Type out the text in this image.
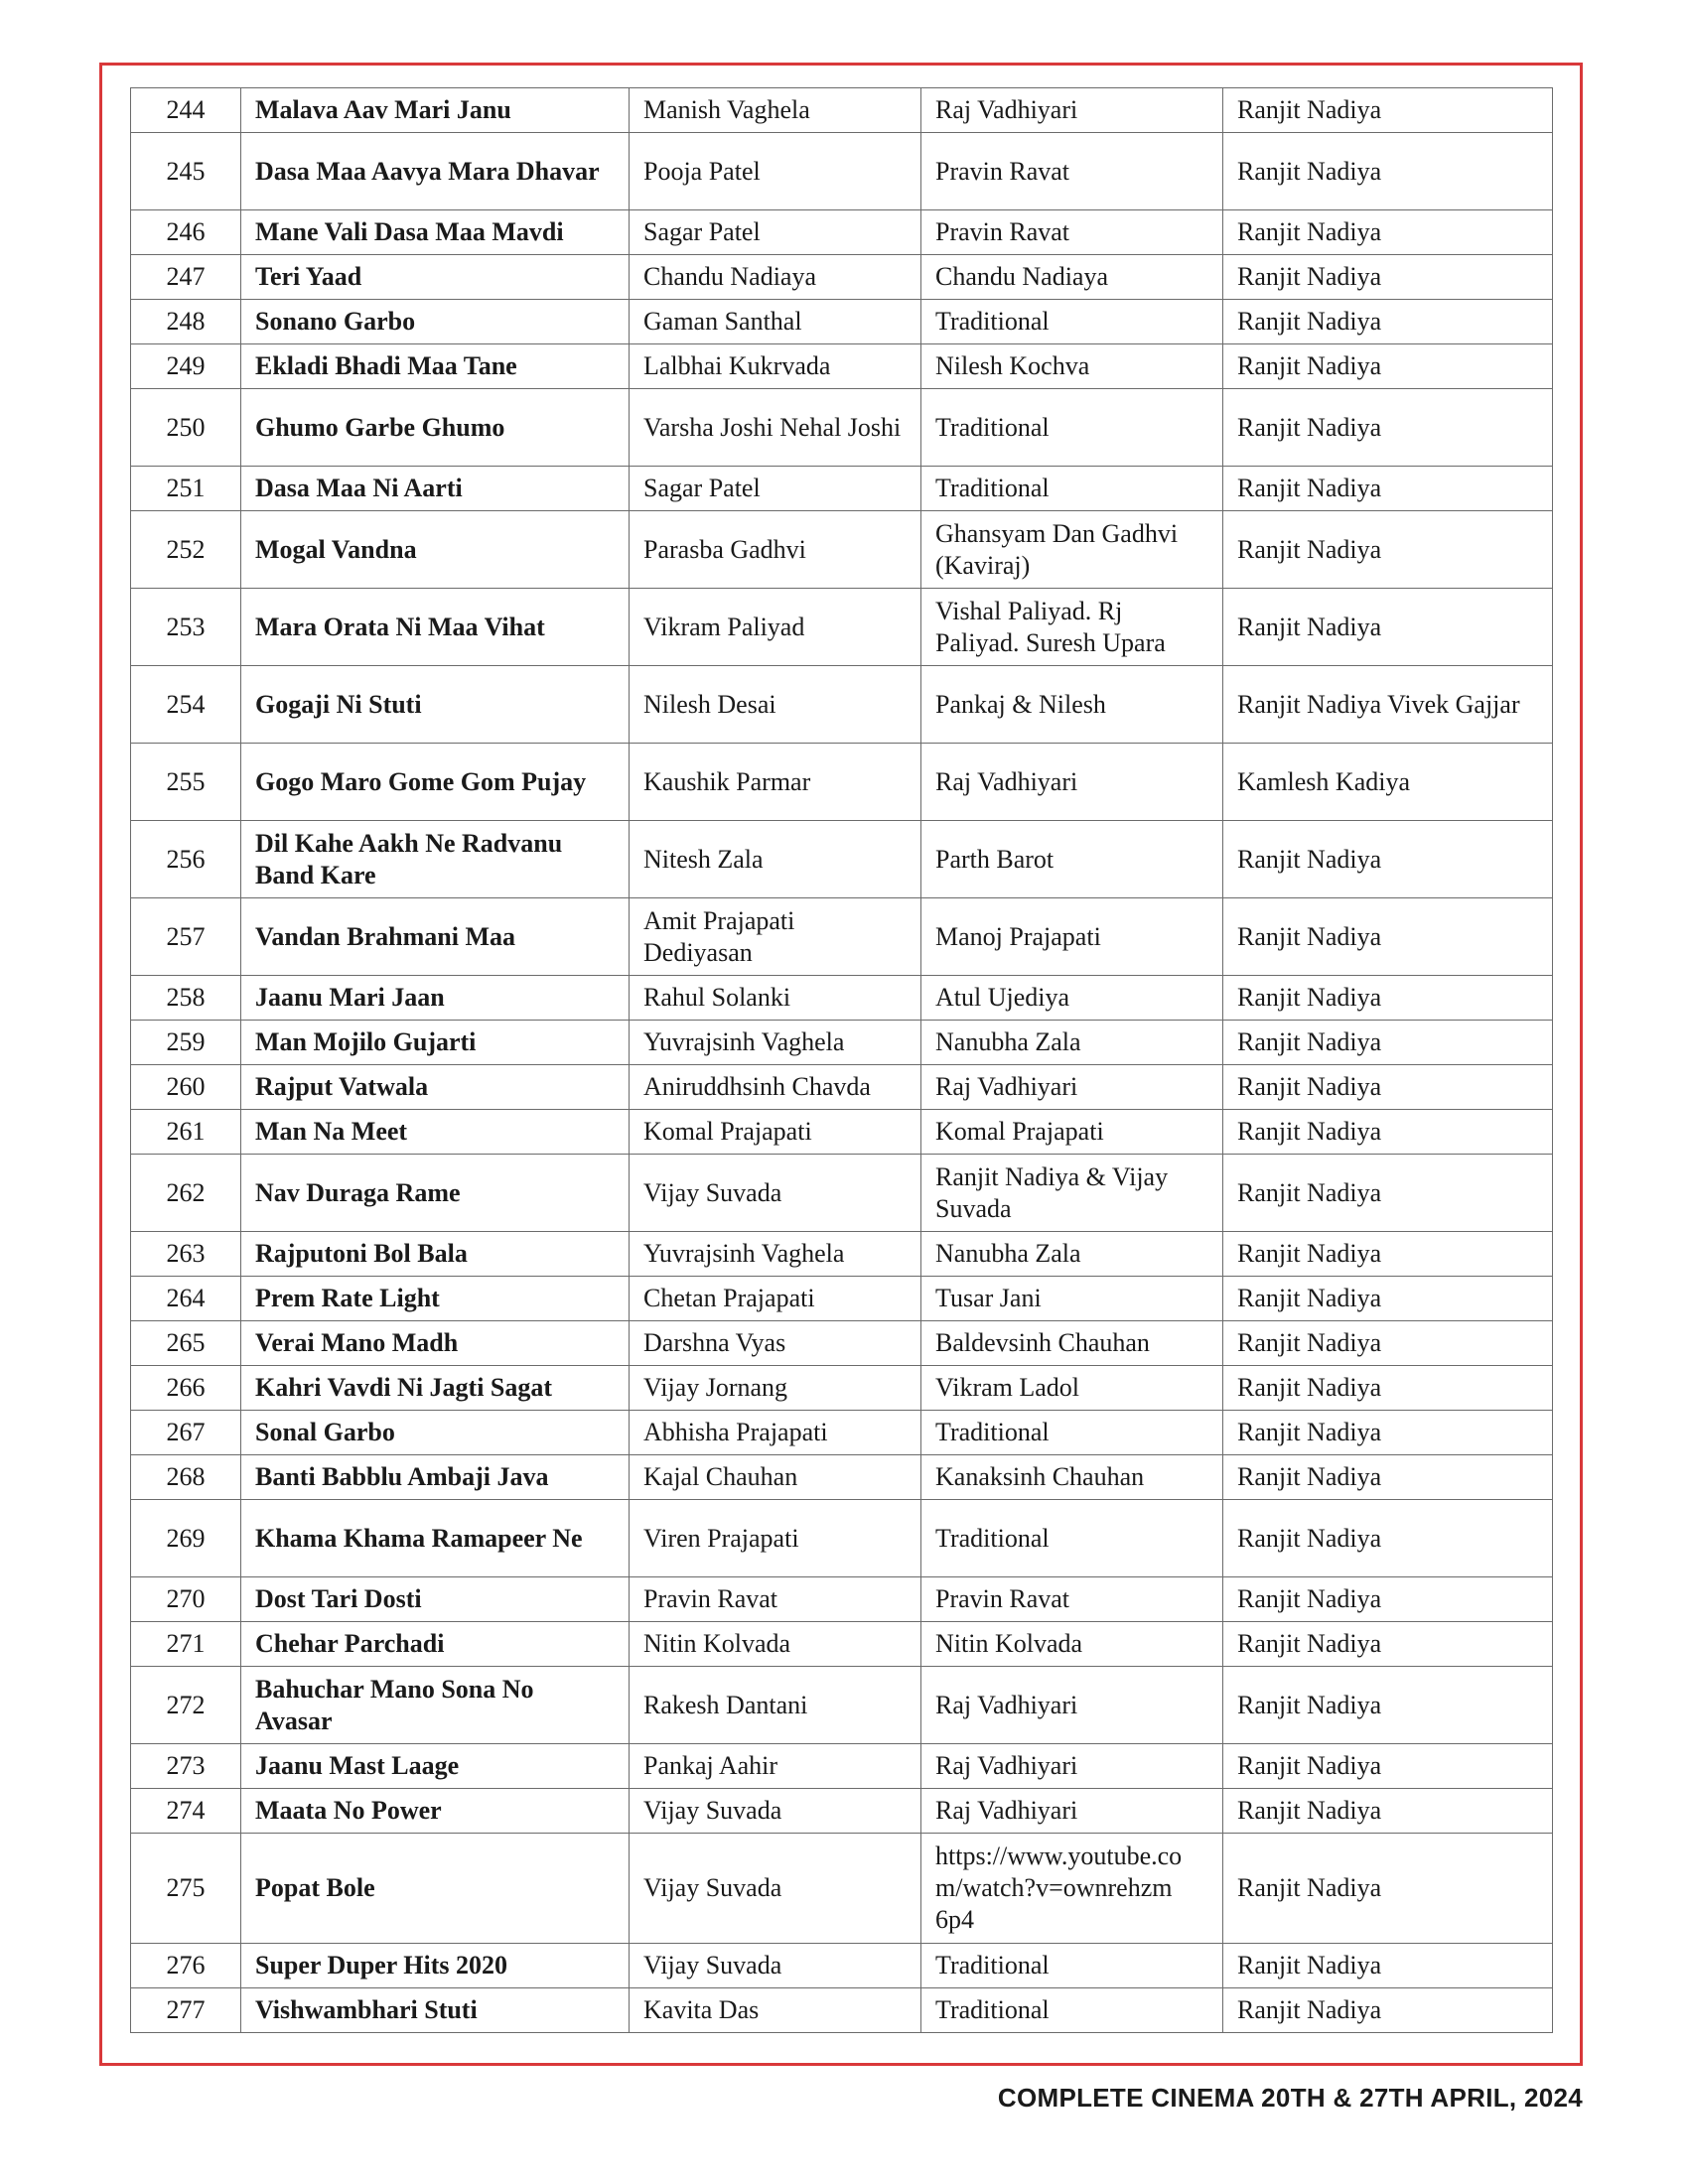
244	Malava Aav Mari Janu	Manish Vaghela	Raj Vadhiyari	Ranjit Nadiya
245	Dasa Maa Aavya Mara Dhavar	Pooja Patel	Pravin Ravat	Ranjit Nadiya
246	Mane Vali Dasa Maa Mavdi	Sagar Patel	Pravin Ravat	Ranjit Nadiya
247	Teri Yaad	Chandu Nadiaya	Chandu Nadiaya	Ranjit Nadiya
248	Sonano Garbo	Gaman Santhal	Traditional	Ranjit Nadiya
249	Ekladi Bhadi Maa Tane	Lalbhai Kukrvada	Nilesh Kochva	Ranjit Nadiya
250	Ghumo Garbe Ghumo	Varsha Joshi Nehal Joshi	Traditional	Ranjit Nadiya
251	Dasa Maa Ni Aarti	Sagar Patel	Traditional	Ranjit Nadiya
252	Mogal Vandna	Parasba Gadhvi	Ghansyam Dan Gadhvi (Kaviraj)	Ranjit Nadiya
253	Mara Orata Ni Maa Vihat	Vikram Paliyad	Vishal Paliyad. Rj Paliyad. Suresh Upara	Ranjit Nadiya
254	Gogaji Ni Stuti	Nilesh Desai	Pankaj & Nilesh	Ranjit Nadiya Vivek Gajjar
255	Gogo Maro Gome Gom Pujay	Kaushik Parmar	Raj Vadhiyari	Kamlesh Kadiya
256	Dil Kahe Aakh Ne Radvanu Band Kare	Nitesh Zala	Parth Barot	Ranjit Nadiya
257	Vandan Brahmani Maa	Amit Prajapati Dediyasan	Manoj Prajapati	Ranjit Nadiya
258	Jaanu Mari Jaan	Rahul Solanki	Atul Ujediya	Ranjit Nadiya
259	Man Mojilo Gujarti	Yuvrajsinh Vaghela	Nanubha Zala	Ranjit Nadiya
260	Rajput Vatwala	Aniruddhsinh Chavda	Raj Vadhiyari	Ranjit Nadiya
261	Man Na Meet	Komal Prajapati	Komal Prajapati	Ranjit Nadiya
262	Nav Duraga Rame	Vijay Suvada	Ranjit Nadiya & Vijay Suvada	Ranjit Nadiya
263	Rajputoni Bol Bala	Yuvrajsinh Vaghela	Nanubha Zala	Ranjit Nadiya
264	Prem Rate Light	Chetan Prajapati	Tusar Jani	Ranjit Nadiya
265	Verai Mano Madh	Darshna Vyas	Baldevsinh Chauhan	Ranjit Nadiya
266	Kahri Vavdi Ni Jagti Sagat	Vijay Jornang	Vikram Ladol	Ranjit Nadiya
267	Sonal Garbo	Abhisha Prajapati	Traditional	Ranjit Nadiya
268	Banti Babblu Ambaji Java	Kajal Chauhan	Kanaksinh Chauhan	Ranjit Nadiya
269	Khama Khama Ramapeer Ne	Viren Prajapati	Traditional	Ranjit Nadiya
270	Dost Tari Dosti	Pravin Ravat	Pravin Ravat	Ranjit Nadiya
271	Chehar Parchadi	Nitin Kolvada	Nitin Kolvada	Ranjit Nadiya
272	Bahuchar Mano Sona No Avasar	Rakesh Dantani	Raj Vadhiyari	Ranjit Nadiya
273	Jaanu Mast Laage	Pankaj Aahir	Raj Vadhiyari	Ranjit Nadiya
274	Maata No Power	Vijay Suvada	Raj Vadhiyari	Ranjit Nadiya
275	Popat Bole	Vijay Suvada	https://www.youtube.co m/watch?v=ownrehzm 6p4	Ranjit Nadiya
276	Super Duper Hits 2020	Vijay Suvada	Traditional	Ranjit Nadiya
277	Vishwambhari Stuti	Kavita Das	Traditional	Ranjit Nadiya
COMPLETE CINEMA 20TH & 27TH APRIL, 2024
